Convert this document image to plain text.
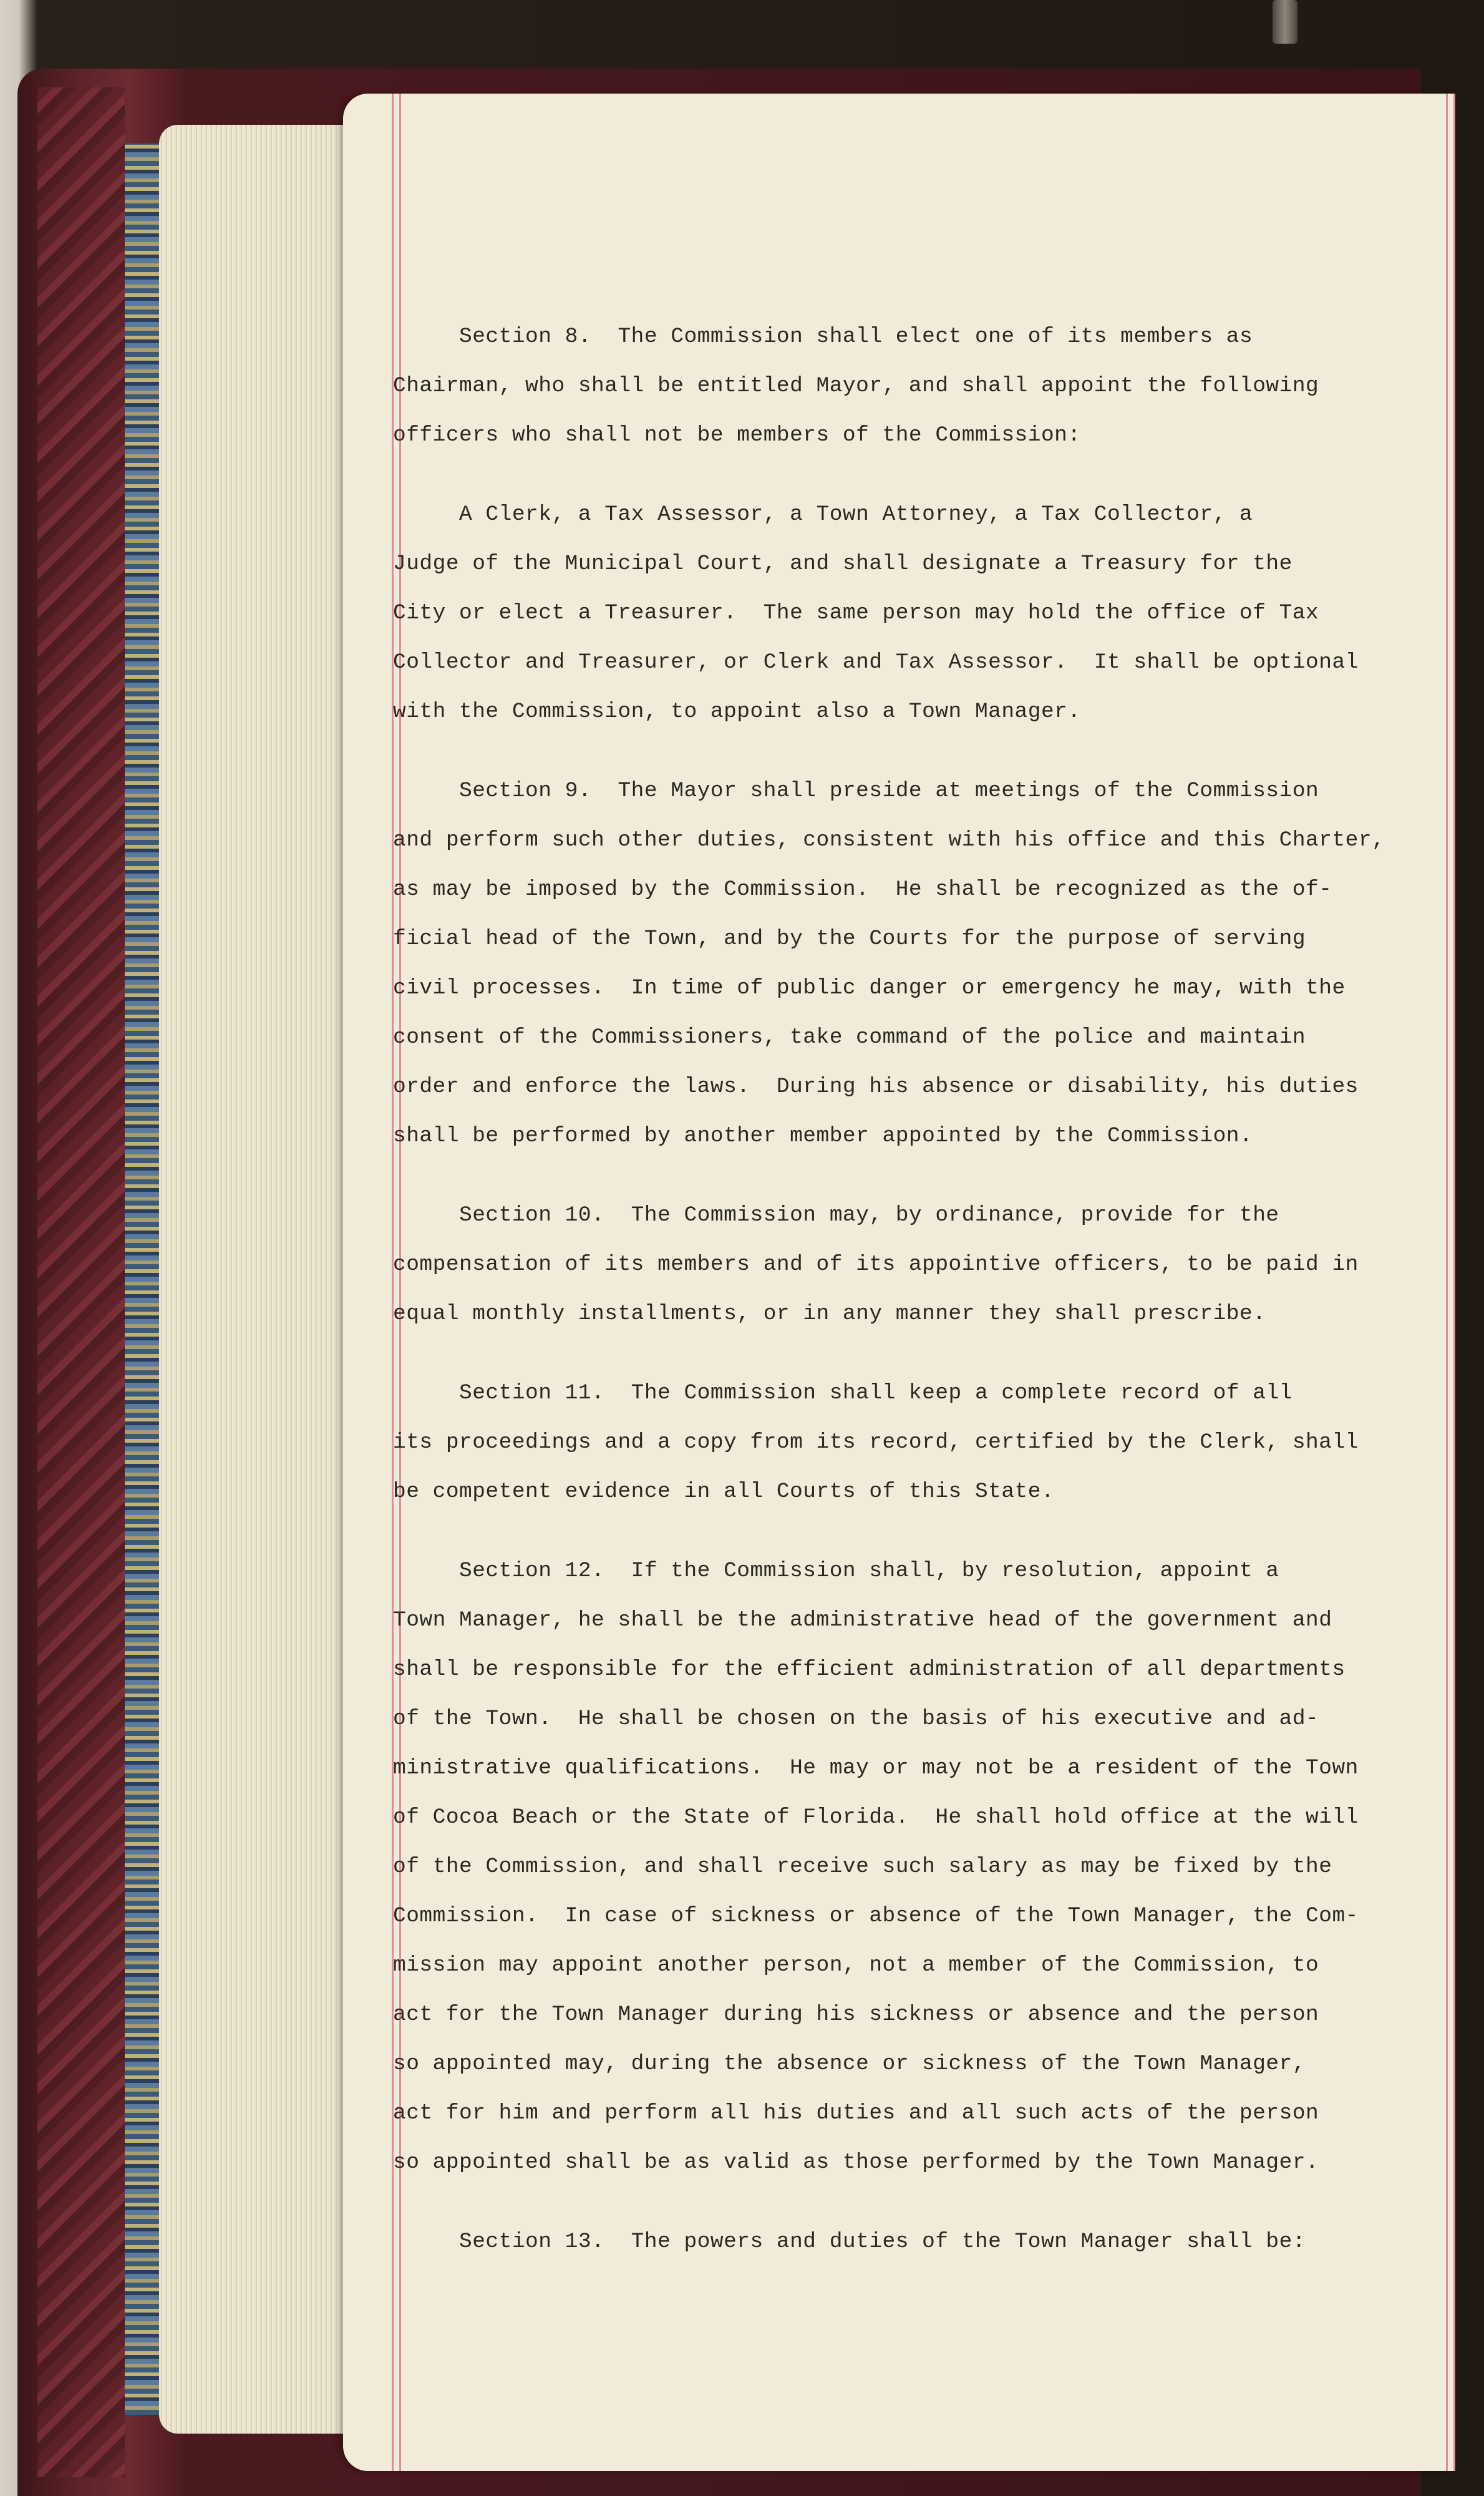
Section 8.  The Commission shall elect one of its members as
Chairman, who shall be entitled Mayor, and shall appoint the following
officers who shall not be members of the Commission:
A Clerk, a Tax Assessor, a Town Attorney, a Tax Collector, a
Judge of the Municipal Court, and shall designate a Treasury for the
City or elect a Treasurer.  The same person may hold the office of Tax
Collector and Treasurer, or Clerk and Tax Assessor.  It shall be optional
with the Commission, to appoint also a Town Manager.
Section 9.  The Mayor shall preside at meetings of the Commission
and perform such other duties, consistent with his office and this Charter,
as may be imposed by the Commission.  He shall be recognized as the of-
ficial head of the Town, and by the Courts for the purpose of serving
civil processes.  In time of public danger or emergency he may, with the
consent of the Commissioners, take command of the police and maintain
order and enforce the laws.  During his absence or disability, his duties
shall be performed by another member appointed by the Commission.
Section 10.  The Commission may, by ordinance, provide for the
compensation of its members and of its appointive officers, to be paid in
equal monthly installments, or in any manner they shall prescribe.
Section 11.  The Commission shall keep a complete record of all
its proceedings and a copy from its record, certified by the Clerk, shall
be competent evidence in all Courts of this State.
Section 12.  If the Commission shall, by resolution, appoint a
Town Manager, he shall be the administrative head of the government and
shall be responsible for the efficient administration of all departments
of the Town.  He shall be chosen on the basis of his executive and ad-
ministrative qualifications.  He may or may not be a resident of the Town
of Cocoa Beach or the State of Florida.  He shall hold office at the will
of the Commission, and shall receive such salary as may be fixed by the
Commission.  In case of sickness or absence of the Town Manager, the Com-
mission may appoint another person, not a member of the Commission, to
act for the Town Manager during his sickness or absence and the person
so appointed may, during the absence or sickness of the Town Manager,
act for him and perform all his duties and all such acts of the person
so appointed shall be as valid as those performed by the Town Manager.
Section 13.  The powers and duties of the Town Manager shall be:
